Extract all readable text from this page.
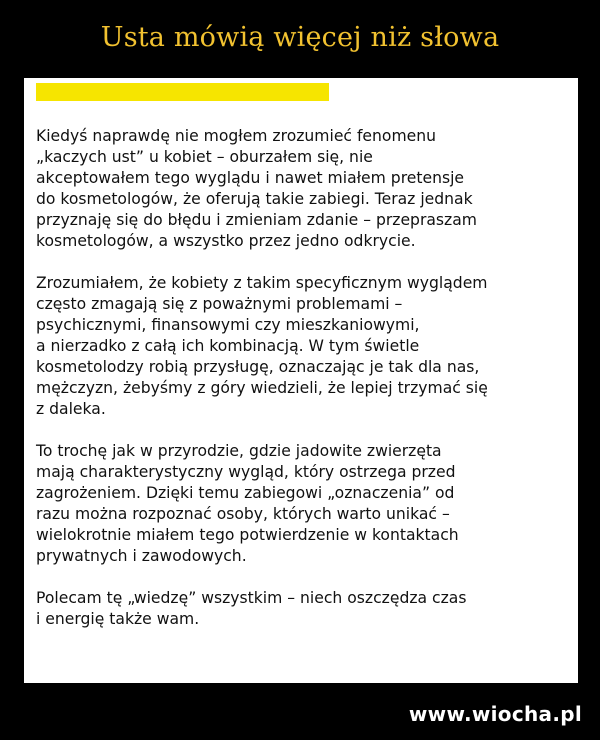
Usta mówią więcej niż słowa

Kiedyś naprawdę nie mogłem zrozumieć fenomenu
„kaczych ust” u kobiet – oburzałem się, nie
akceptowałem tego wyglądu i nawet miałem pretensje
do kosmetologów, że oferują takie zabiegi. Teraz jednak
przyznaję się do błędu i zmieniam zdanie – przepraszam
kosmetologów, a wszystko przez jedno odkrycie.

Zrozumiałem, że kobiety z takim specyficznym wyglądem
często zmagają się z poważnymi problemami –
psychicznymi, finansowymi czy mieszkaniowymi,
a nierzadko z całą ich kombinacją. W tym świetle
kosmetolodzy robią przysługę, oznaczając je tak dla nas,
mężczyzn, żebyśmy z góry wiedzieli, że lepiej trzymać się
z daleka.

To trochę jak w przyrodzie, gdzie jadowite zwierzęta
mają charakterystyczny wygląd, który ostrzega przed
zagrożeniem. Dzięki temu zabiegowi „oznaczenia” od
razu można rozpoznać osoby, których warto unikać –
wielokrotnie miałem tego potwierdzenie w kontaktach
prywatnych i zawodowych.

Polecam tę „wiedzę” wszystkim – niech oszczędza czas
i energię także wam.

www.wiocha.pl
